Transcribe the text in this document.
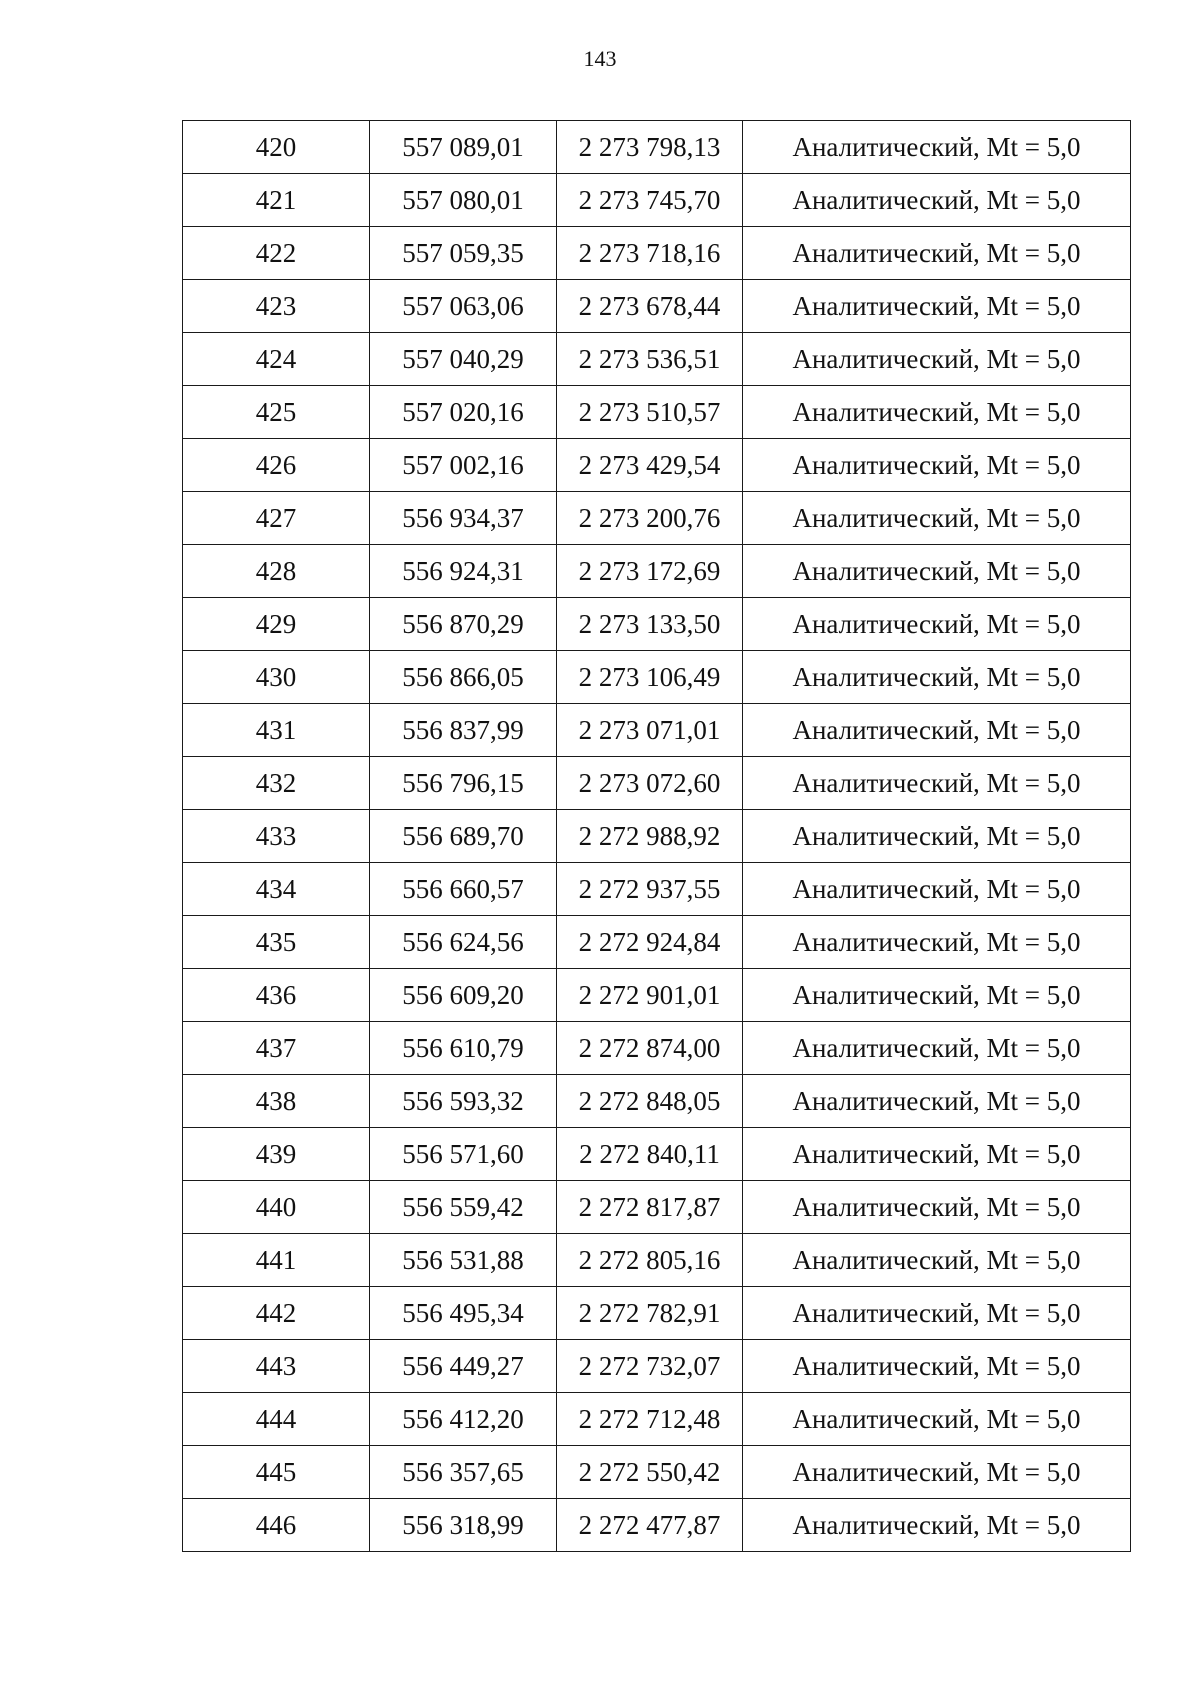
143
420	557 089,01	2 273 798,13	Аналитический, Mt = 5,0
421	557 080,01	2 273 745,70	Аналитический, Mt = 5,0
422	557 059,35	2 273 718,16	Аналитический, Mt = 5,0
423	557 063,06	2 273 678,44	Аналитический, Mt = 5,0
424	557 040,29	2 273 536,51	Аналитический, Mt = 5,0
425	557 020,16	2 273 510,57	Аналитический, Mt = 5,0
426	557 002,16	2 273 429,54	Аналитический, Mt = 5,0
427	556 934,37	2 273 200,76	Аналитический, Mt = 5,0
428	556 924,31	2 273 172,69	Аналитический, Mt = 5,0
429	556 870,29	2 273 133,50	Аналитический, Mt = 5,0
430	556 866,05	2 273 106,49	Аналитический, Mt = 5,0
431	556 837,99	2 273 071,01	Аналитический, Mt = 5,0
432	556 796,15	2 273 072,60	Аналитический, Mt = 5,0
433	556 689,70	2 272 988,92	Аналитический, Mt = 5,0
434	556 660,57	2 272 937,55	Аналитический, Mt = 5,0
435	556 624,56	2 272 924,84	Аналитический, Mt = 5,0
436	556 609,20	2 272 901,01	Аналитический, Mt = 5,0
437	556 610,79	2 272 874,00	Аналитический, Mt = 5,0
438	556 593,32	2 272 848,05	Аналитический, Mt = 5,0
439	556 571,60	2 272 840,11	Аналитический, Mt = 5,0
440	556 559,42	2 272 817,87	Аналитический, Mt = 5,0
441	556 531,88	2 272 805,16	Аналитический, Mt = 5,0
442	556 495,34	2 272 782,91	Аналитический, Mt = 5,0
443	556 449,27	2 272 732,07	Аналитический, Mt = 5,0
444	556 412,20	2 272 712,48	Аналитический, Mt = 5,0
445	556 357,65	2 272 550,42	Аналитический, Mt = 5,0
446	556 318,99	2 272 477,87	Аналитический, Mt = 5,0
